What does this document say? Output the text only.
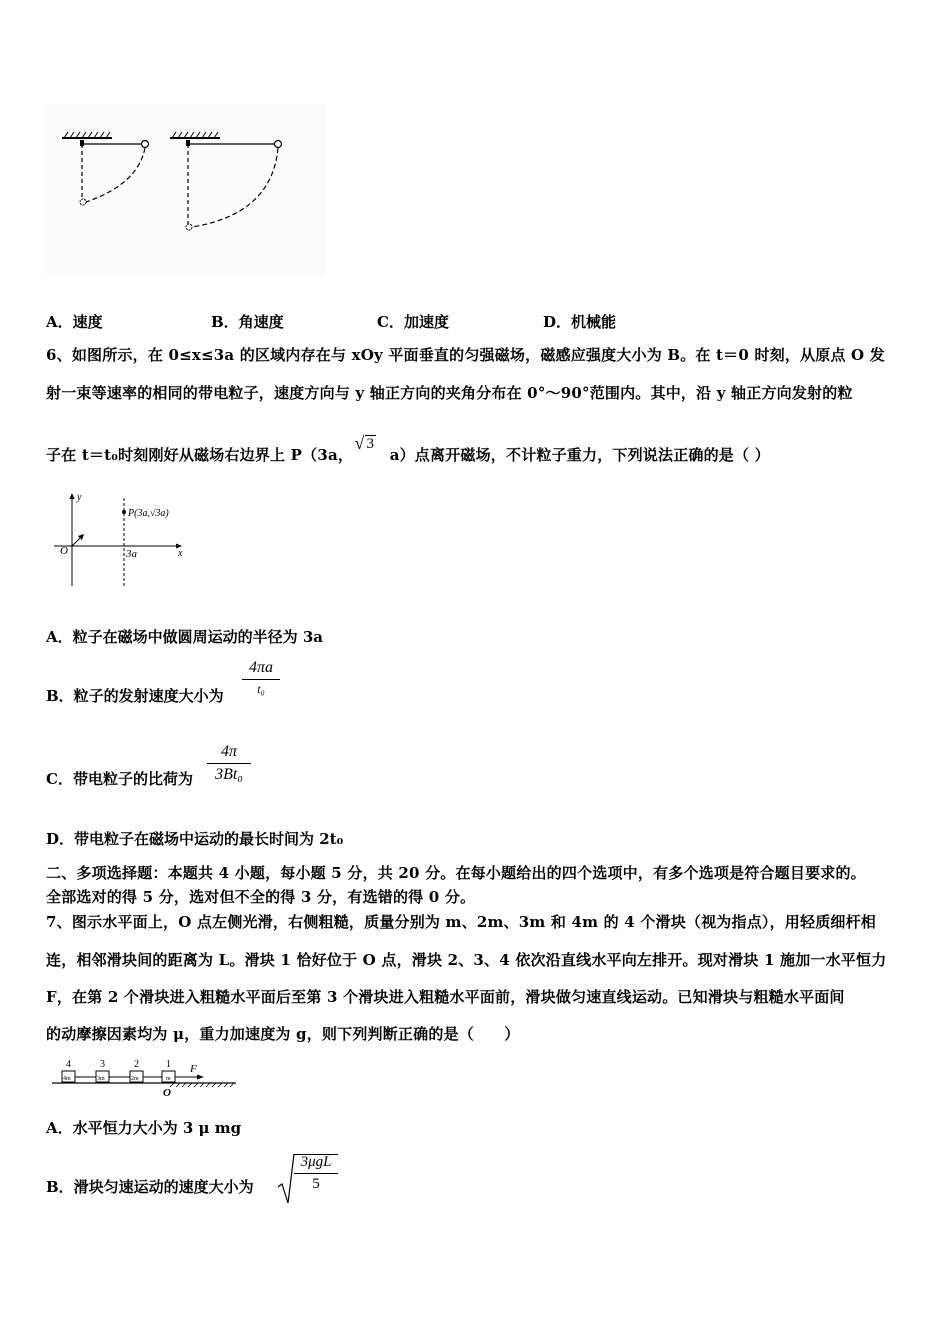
A．速度	B．角速度	C．加速度	D．机械能
6、如图所示，在 0≤x≤3a 的区域内存在与 xOy 平面垂直的匀强磁场，磁感应强度大小为 B。在 t＝0 时刻，从原点 O 发
射一束等速率的相同的带电粒子，速度方向与 y 轴正方向的夹角分布在 0°～90°范围内。其中，沿 y 轴正方向发射的粒
子在 t＝t₀时刻刚好从磁场右边界上 P（3a，
√ 3 a）点离开磁场，不计粒子重力，下列说法正确的是（ ）
y
x
O	3a
P(3a,√3a)
A．粒子在磁场中做圆周运动的半径为 3a
B．粒子的发射速度大小为
4πa
t₀
C．带电粒子的比荷为
4π
3Bt₀
D．带电粒子在磁场中运动的最长时间为 2t₀
二、多项选择题：本题共 4 小题，每小题 5 分，共 20 分。在每小题给出的四个选项中，有多个选项是符合题目要求的。
全部选对的得 5 分，选对但不全的得 3 分，有选错的得 0 分。
7、图示水平面上，O 点左侧光滑，右侧粗糙，质量分别为 m、2m、3m 和 4m 的 4 个滑块（视为指点），用轻质细杆相
连，相邻滑块间的距离为 L。滑块 1 恰好位于 O 点，滑块 2、3、4 依次沿直线水平向左排开。现对滑块 1 施加一水平恒力
F，在第 2 个滑块进入粗糙水平面后至第 3 个滑块进入粗糙水平面前，滑块做匀速直线运动。已知滑块与粗糙水平面间
的动摩擦因素均为 μ，重力加速度为 g，则下列判断正确的是（　　）
4m	3m	2m	m
4	3	2	1 F
O
A．水平恒力大小为 3 μ mg
B．滑块匀速运动的速度大小为
3μgL
5
